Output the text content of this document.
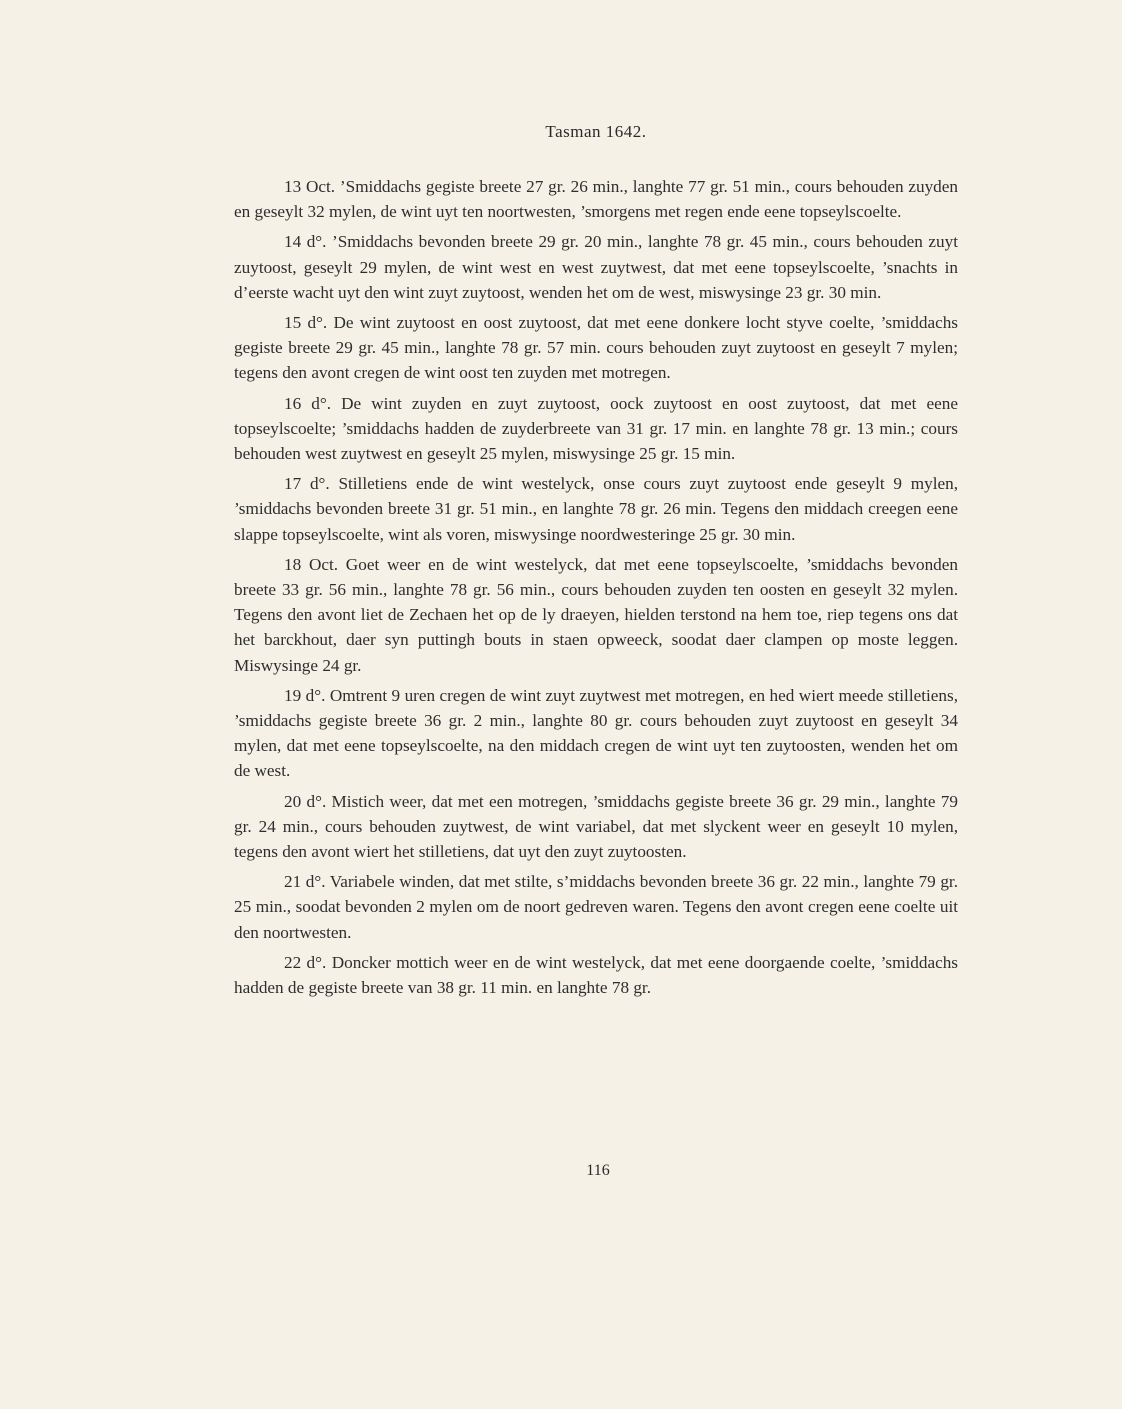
Tasman 1642.

13 Oct. ’Smiddachs gegiste breete 27 gr. 26 min., langhte 77 gr. 51 min., cours behouden zuyden en geseylt 32 mylen, de wint uyt ten noortwesten, ’smorgens met regen ende eene topseylscoelte.

14 d°. ’Smiddachs bevonden breete 29 gr. 20 min., langhte 78 gr. 45 min., cours behouden zuyt zuytoost, geseylt 29 mylen, de wint west en west zuytwest, dat met eene topseylscoelte, ’snachts in d’eerste wacht uyt den wint zuyt zuytoost, wenden het om de west, miswysinge 23 gr. 30 min.

15 d°. De wint zuytoost en oost zuytoost, dat met eene donkere locht styve coelte, ’smiddachs gegiste breete 29 gr. 45 min., langhte 78 gr. 57 min. cours behouden zuyt zuytoost en geseylt 7 mylen; tegens den avont cregen de wint oost ten zuyden met motregen.

16 d°. De wint zuyden en zuyt zuytoost, oock zuytoost en oost zuytoost, dat met eene topseylscoelte; ’smiddachs hadden de zuyderbreete van 31 gr. 17 min. en langhte 78 gr. 13 min.; cours behouden west zuytwest en geseylt 25 mylen, miswysinge 25 gr. 15 min.

17 d°. Stilletiens ende de wint westelyck, onse cours zuyt zuytoost ende geseylt 9 mylen, ’smiddachs bevonden breete 31 gr. 51 min., en langhte 78 gr. 26 min. Tegens den middach creegen eene slappe topseylscoelte, wint als voren, miswysinge noordwesteringe 25 gr. 30 min.

18 Oct. Goet weer en de wint westelyck, dat met eene topseylscoelte, ’smiddachs bevonden breete 33 gr. 56 min., langhte 78 gr. 56 min., cours behouden zuyden ten oosten en geseylt 32 mylen. Tegens den avont liet de Zechaen het op de ly draeyen, hielden terstond na hem toe, riep tegens ons dat het barckhout, daer syn puttingh bouts in staen opweeck, soodat daer clampen op moste leggen. Miswysinge 24 gr.

19 d°. Omtrent 9 uren cregen de wint zuyt zuytwest met motregen, en hed wiert meede stilletiens, ’smiddachs gegiste breete 36 gr. 2 min., langhte 80 gr. cours behouden zuyt zuytoost en geseylt 34 mylen, dat met eene topseylscoelte, na den middach cregen de wint uyt ten zuytoosten, wenden het om de west.

20 d°. Mistich weer, dat met een motregen, ’smiddachs gegiste breete 36 gr. 29 min., langhte 79 gr. 24 min., cours behouden zuytwest, de wint variabel, dat met slyckent weer en geseylt 10 mylen, tegens den avont wiert het stilletiens, dat uyt den zuyt zuytoosten.

21 d°. Variabele winden, dat met stilte, s’middachs bevonden breete 36 gr. 22 min., langhte 79 gr. 25 min., soodat bevonden 2 mylen om de noort gedreven waren. Tegens den avont cregen eene coelte uit den noortwesten.

22 d°. Doncker mottich weer en de wint westelyck, dat met eene doorgaende coelte, ’smiddachs hadden de gegiste breete van 38 gr. 11 min. en langhte 78 gr.

116
